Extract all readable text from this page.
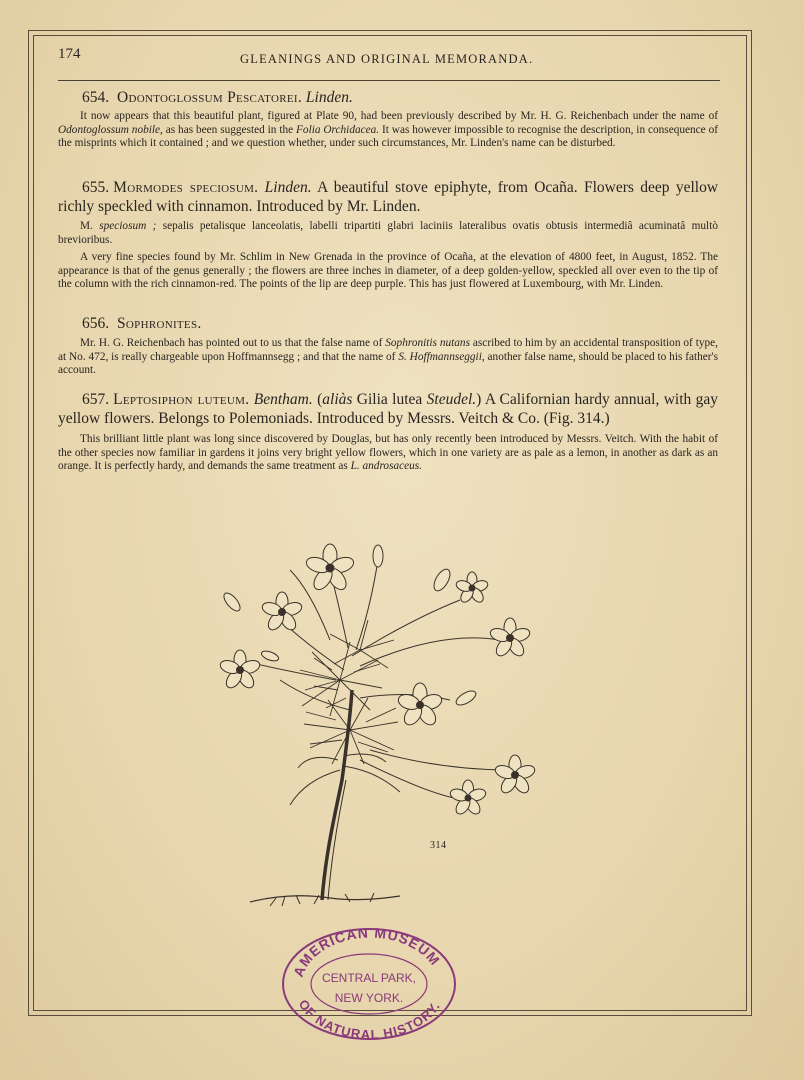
174	GLEANINGS AND ORIGINAL MEMORANDA.
654. Odontoglossum Pescatorei. Linden.
It now appears that this beautiful plant, figured at Plate 90, had been previously described by Mr. H. G. Reichenbach under the name of Odontoglossum nobile, as has been suggested in the Folia Orchidacea. It was however impossible to recognise the description, in consequence of the misprints which it contained ; and we question whether, under such circumstances, Mr. Linden's name can be disturbed.
655. Mormodes speciosum. Linden. A beautiful stove epiphyte, from Ocaña. Flowers deep yellow richly speckled with cinnamon. Introduced by Mr. Linden.
M. speciosum ; sepalis petalisque lanceolatis, labelli tripartiti glabri laciniis lateralibus ovatis obtusis intermediâ acuminatâ multò brevioribus.
A very fine species found by Mr. Schlim in New Grenada in the province of Ocaña, at the elevation of 4800 feet, in August, 1852. The appearance is that of the genus generally ; the flowers are three inches in diameter, of a deep golden-yellow, speckled all over even to the tip of the column with the rich cinnamon-red. The points of the lip are deep purple. This has just flowered at Luxembourg, with Mr. Linden.
656. Sophronites.
Mr. H. G. Reichenbach has pointed out to us that the false name of Sophronitis nutans ascribed to him by an accidental transposition of type, at No. 472, is really chargeable upon Hoffmannsegg ; and that the name of S. Hoffmannseggii, another false name, should be placed to his father's account.
657. Leptosiphon luteum. Bentham. (aliàs Gilia lutea Steudel.) A Californian hardy annual, with gay yellow flowers. Belongs to Polemoniads. Introduced by Messrs. Veitch & Co. (Fig. 314.)
This brilliant little plant was long since discovered by Douglas, but has only recently been introduced by Messrs. Veitch. With the habit of the other species now familiar in gardens it joins very bright yellow flowers, which in one variety are as pale as a lemon, in another as dark as an orange. It is perfectly hardy, and demands the same treatment as L. androsaceus.
314
AMERICAN MUSEUM
OF NATURAL HISTORY.
CENTRAL PARK,
NEW YORK.
